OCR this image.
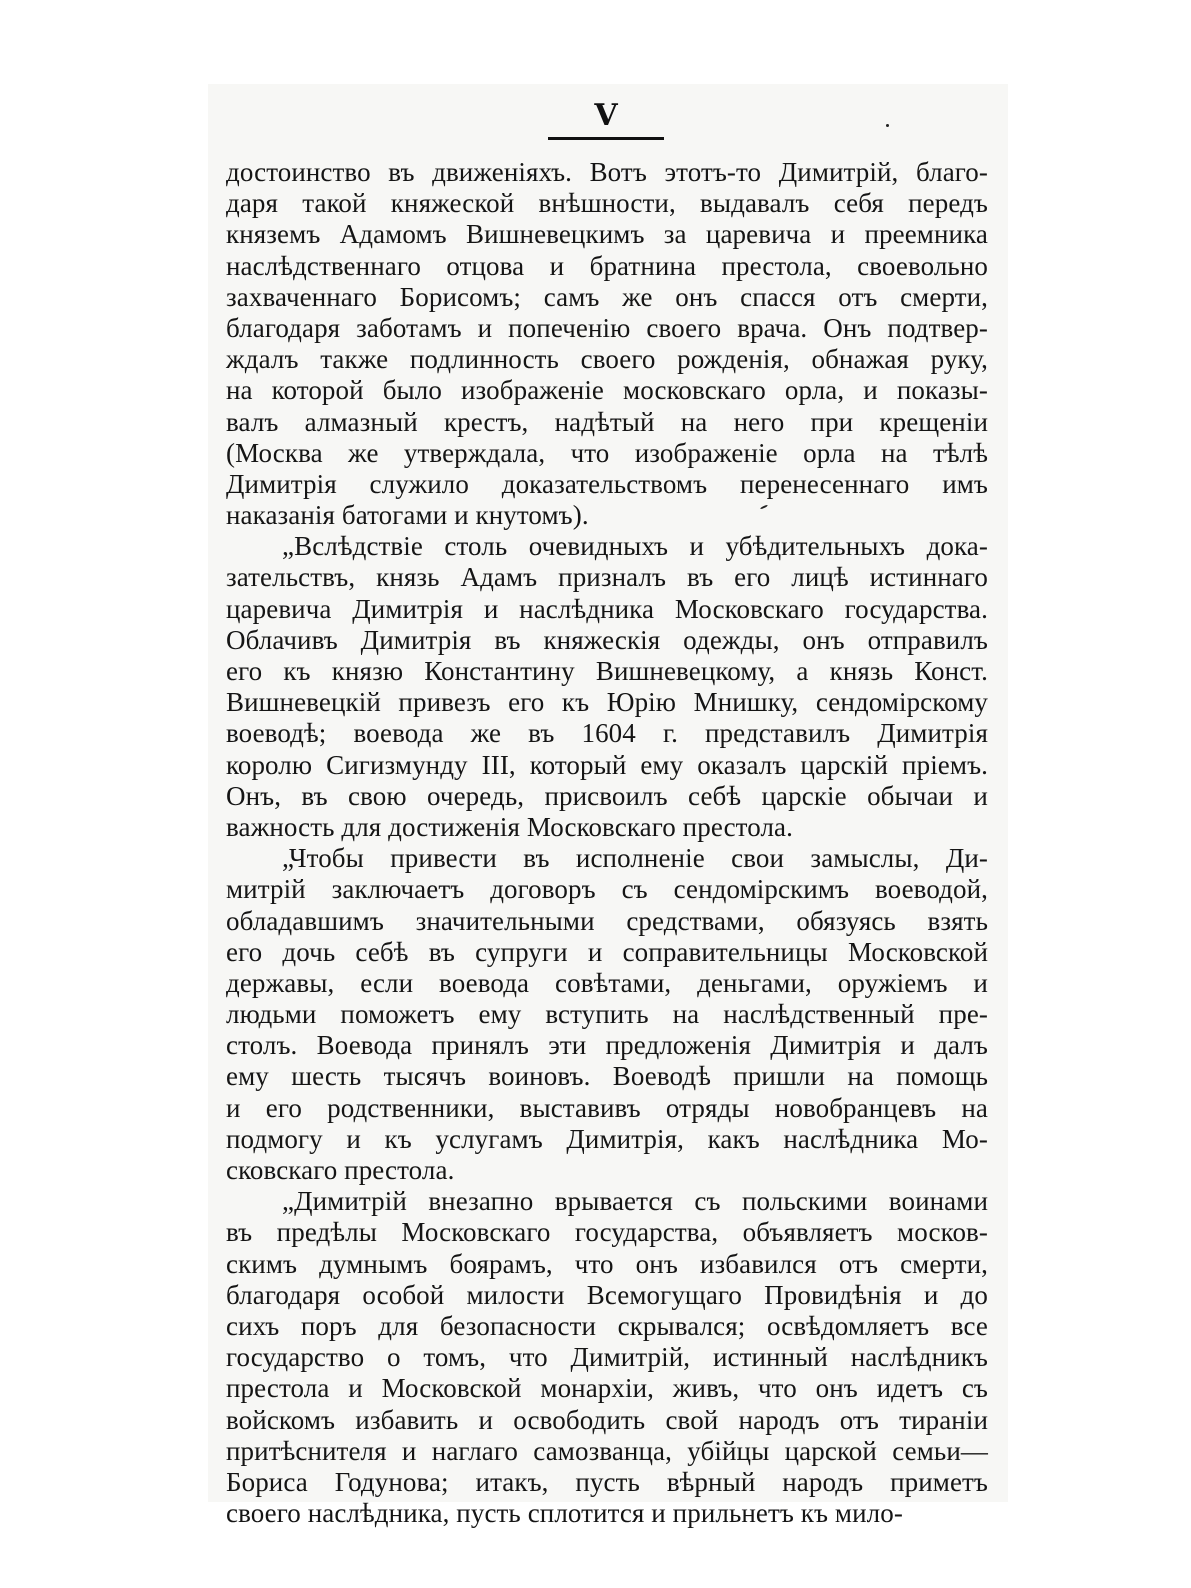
V
достоинство въ движеніяхъ. Вотъ этотъ-то Димитрій, благо-
даря такой княжеской внѣшности, выдавалъ себя передъ
княземъ Адамомъ Вишневецкимъ за царевича и преемника
наслѣдственнаго отцова и братнина престола, своевольно
захваченнаго Борисомъ; самъ же онъ спасся отъ смерти,
благодаря заботамъ и попеченію своего врача. Онъ подтвер-
ждалъ также подлинность своего рожденія, обнажая руку,
на которой было изображеніе московскаго орла, и показы-
валъ алмазный крестъ, надѣтый на него при крещеніи
(Москва же утверждала, что изображеніе орла на тѣлѣ
Димитрія служило доказательствомъ перенесеннаго имъ
наказанія батогами и кнутомъ).
„Вслѣдствіе столь очевидныхъ и убѣдительныхъ дока-
зательствъ, князь Адамъ призналъ въ его лицѣ истиннаго
царевича Димитрія и наслѣдника Московскаго государства.
Облачивъ Димитрія въ княжескія одежды, онъ отправилъ
его къ князю Константину Вишневецкому, а князь Конст.
Вишневецкій привезъ его къ Юрію Мнишку, сендомірскому
воеводѣ; воевода же въ 1604 г. представилъ Димитрія
королю Сигизмунду III, который ему оказалъ царскій пріемъ.
Онъ, въ свою очередь, присвоилъ себѣ царскіе обычаи и
важность для достиженія Московскаго престола.
„Чтобы привести въ исполненіе свои замыслы, Ди-
митрій заключаетъ договоръ съ сендомірскимъ воеводой,
обладавшимъ значительными средствами, обязуясь взять
его дочь себѣ въ супруги и соправительницы Московской
державы, если воевода совѣтами, деньгами, оружіемъ и
людьми поможетъ ему вступить на наслѣдственный пре-
столъ. Воевода принялъ эти предложенія Димитрія и далъ
ему шесть тысячъ воиновъ. Воеводѣ пришли на помощь
и его родственники, выставивъ отряды новобранцевъ на
подмогу и къ услугамъ Димитрія, какъ наслѣдника Мо-
сковскаго престола.
„Димитрій внезапно врывается съ польскими воинами
въ предѣлы Московскаго государства, объявляетъ москов-
скимъ думнымъ боярамъ, что онъ избавился отъ смерти,
благодаря особой милости Всемогущаго Провидѣнія и до
сихъ поръ для безопасности скрывался; освѣдомляетъ все
государство о томъ, что Димитрій, истинный наслѣдникъ
престола и Московской монархіи, живъ, что онъ идетъ съ
войскомъ избавить и освободить свой народъ отъ тираніи
притѣснителя и наглаго самозванца, убійцы царской семьи—
Бориса Годунова; итакъ, пусть вѣрный народъ приметъ
своего наслѣдника, пусть сплотится и прильнетъ къ мило-
